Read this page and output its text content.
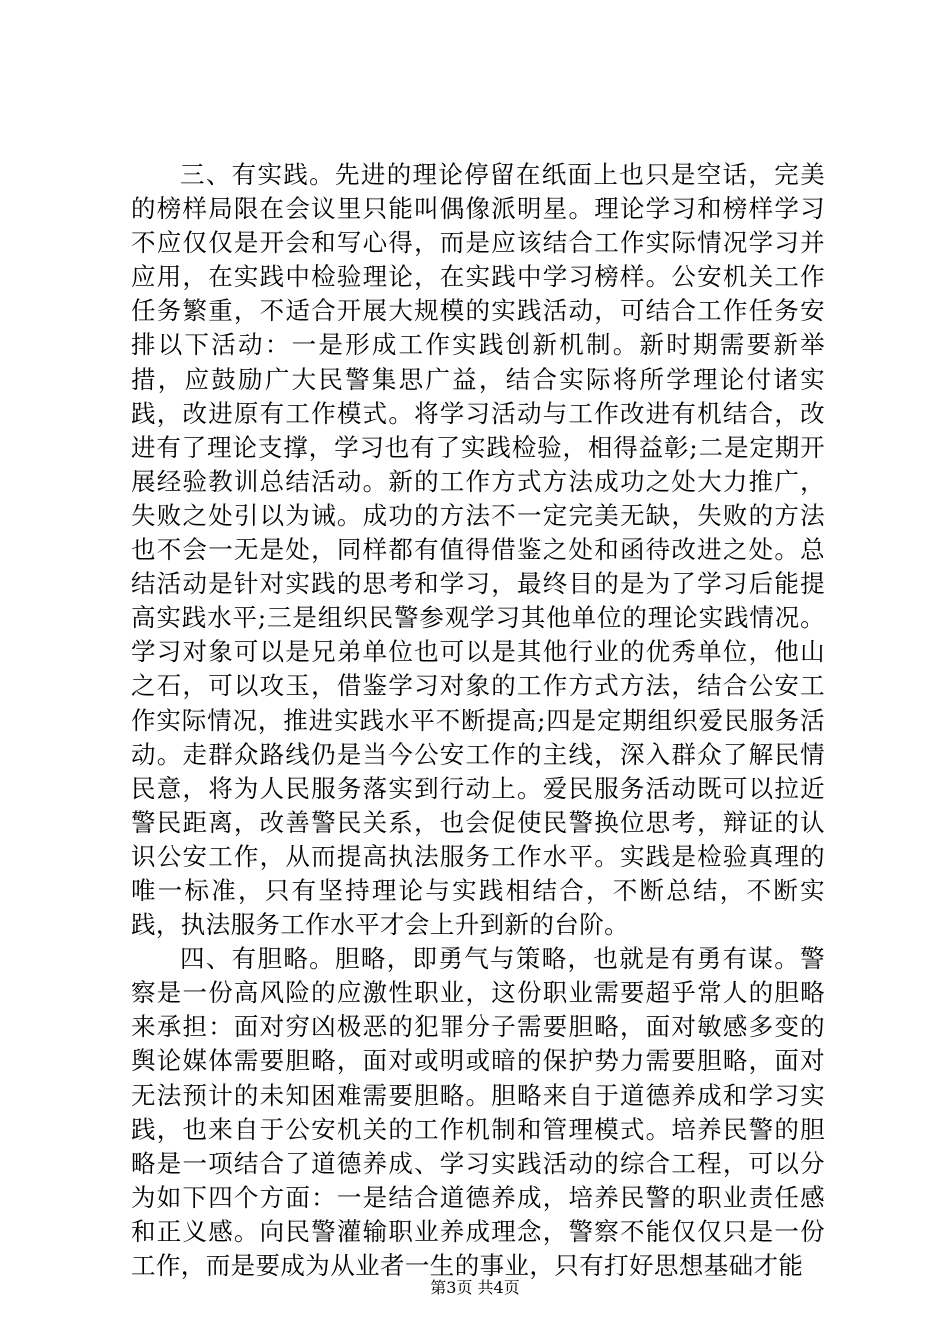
三、有实践。先进的理论停留在纸面上也只是空话，完美的榜样局限在会议里只能叫偶像派明星。理论学习和榜样学习不应仅仅是开会和写心得，而是应该结合工作实际情况学习并应用，在实践中检验理论，在实践中学习榜样。公安机关工作任务繁重，不适合开展大规模的实践活动，可结合工作任务安排以下活动：一是形成工作实践创新机制。新时期需要新举措，应鼓励广大民警集思广益，结合实际将所学理论付诸实践，改进原有工作模式。将学习活动与工作改进有机结合，改进有了理论支撑，学习也有了实践检验，相得益彰;二是定期开展经验教训总结活动。新的工作方式方法成功之处大力推广，失败之处引以为诫。成功的方法不一定完美无缺，失败的方法也不会一无是处，同样都有值得借鉴之处和函待改进之处。总结活动是针对实践的思考和学习，最终目的是为了学习后能提高实践水平;三是组织民警参观学习其他单位的理论实践情况。学习对象可以是兄弟单位也可以是其他行业的优秀单位，他山之石，可以攻玉，借鉴学习对象的工作方式方法，结合公安工作实际情况，推进实践水平不断提高;四是定期组织爱民服务活动。走群众路线仍是当今公安工作的主线，深入群众了解民情民意，将为人民服务落实到行动上。爱民服务活动既可以拉近警民距离，改善警民关系，也会促使民警换位思考，辩证的认识公安工作，从而提高执法服务工作水平。实践是检验真理的唯一标准，只有坚持理论与实践相结合，不断总结，不断实践，执法服务工作水平才会上升到新的台阶。

四、有胆略。胆略，即勇气与策略，也就是有勇有谋。警察是一份高风险的应激性职业，这份职业需要超乎常人的胆略来承担：面对穷凶极恶的犯罪分子需要胆略，面对敏感多变的舆论媒体需要胆略，面对或明或暗的保护势力需要胆略，面对无法预计的未知困难需要胆略。胆略来自于道德养成和学习实践，也来自于公安机关的工作机制和管理模式。培养民警的胆略是一项结合了道德养成、学习实践活动的综合工程，可以分为如下四个方面：一是结合道德养成，培养民警的职业责任感和正义感。向民警灌输职业养成理念，警察不能仅仅只是一份工作，而是要成为从业者一生的事业，只有打好思想基础才能

第3页 共4页
